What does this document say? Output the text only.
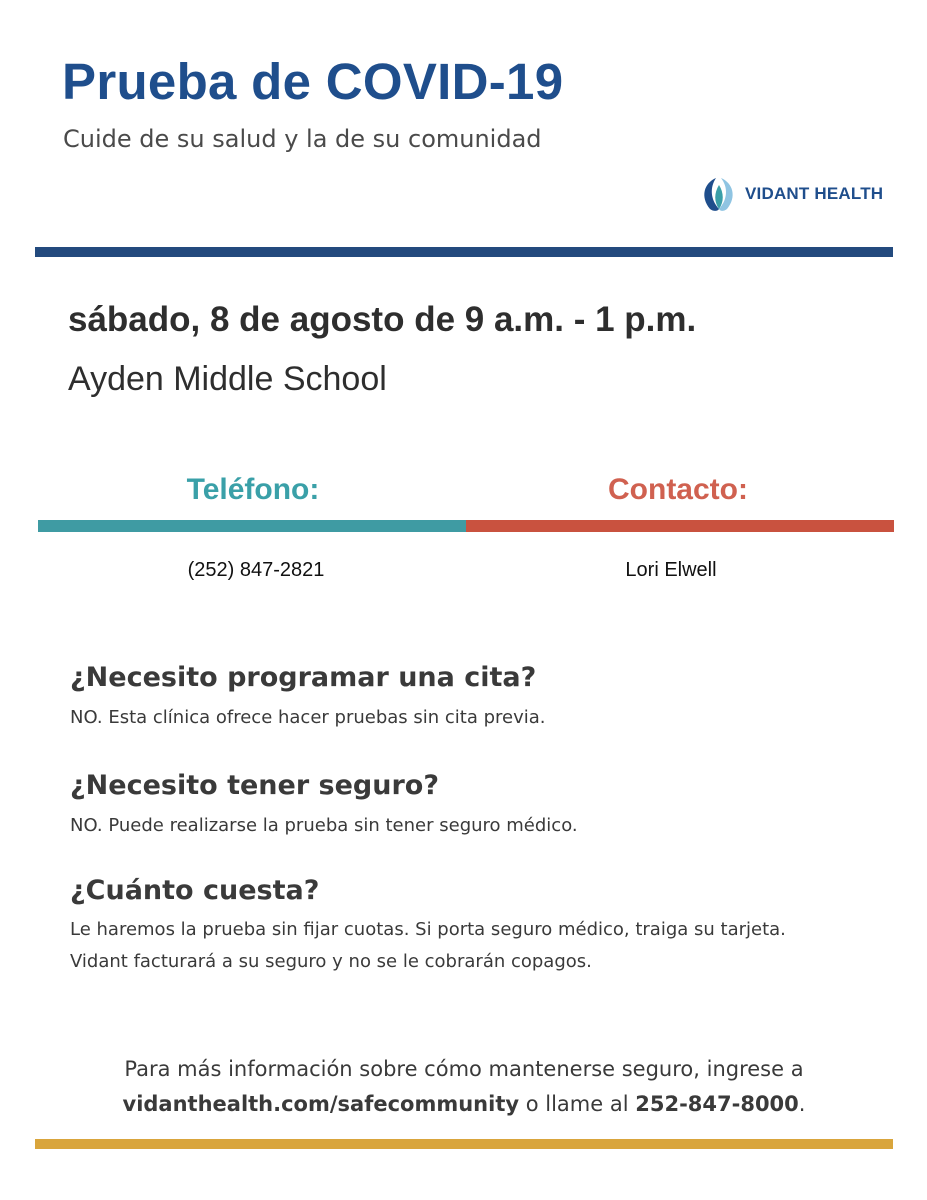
Prueba de COVID-19
Cuide de su salud y la de su comunidad
VIDANT HEALTH
sábado, 8 de agosto de 9 a.m. - 1 p.m.
Ayden Middle School
Teléfono:	Contacto:
(252) 847-2821	Lori Elwell
¿Necesito programar una cita?
NO. Esta clínica ofrece hacer pruebas sin cita previa.
¿Necesito tener seguro?
NO. Puede realizarse la prueba sin tener seguro médico.
¿Cuánto cuesta?
Le haremos la prueba sin fijar cuotas. Si porta seguro médico, traiga su tarjeta. Vidant facturará a su seguro y no se le cobrarán copagos.
Para más información sobre cómo mantenerse seguro, ingrese a
vidanthealth.com/safecommunity o llame al 252-847-8000.
